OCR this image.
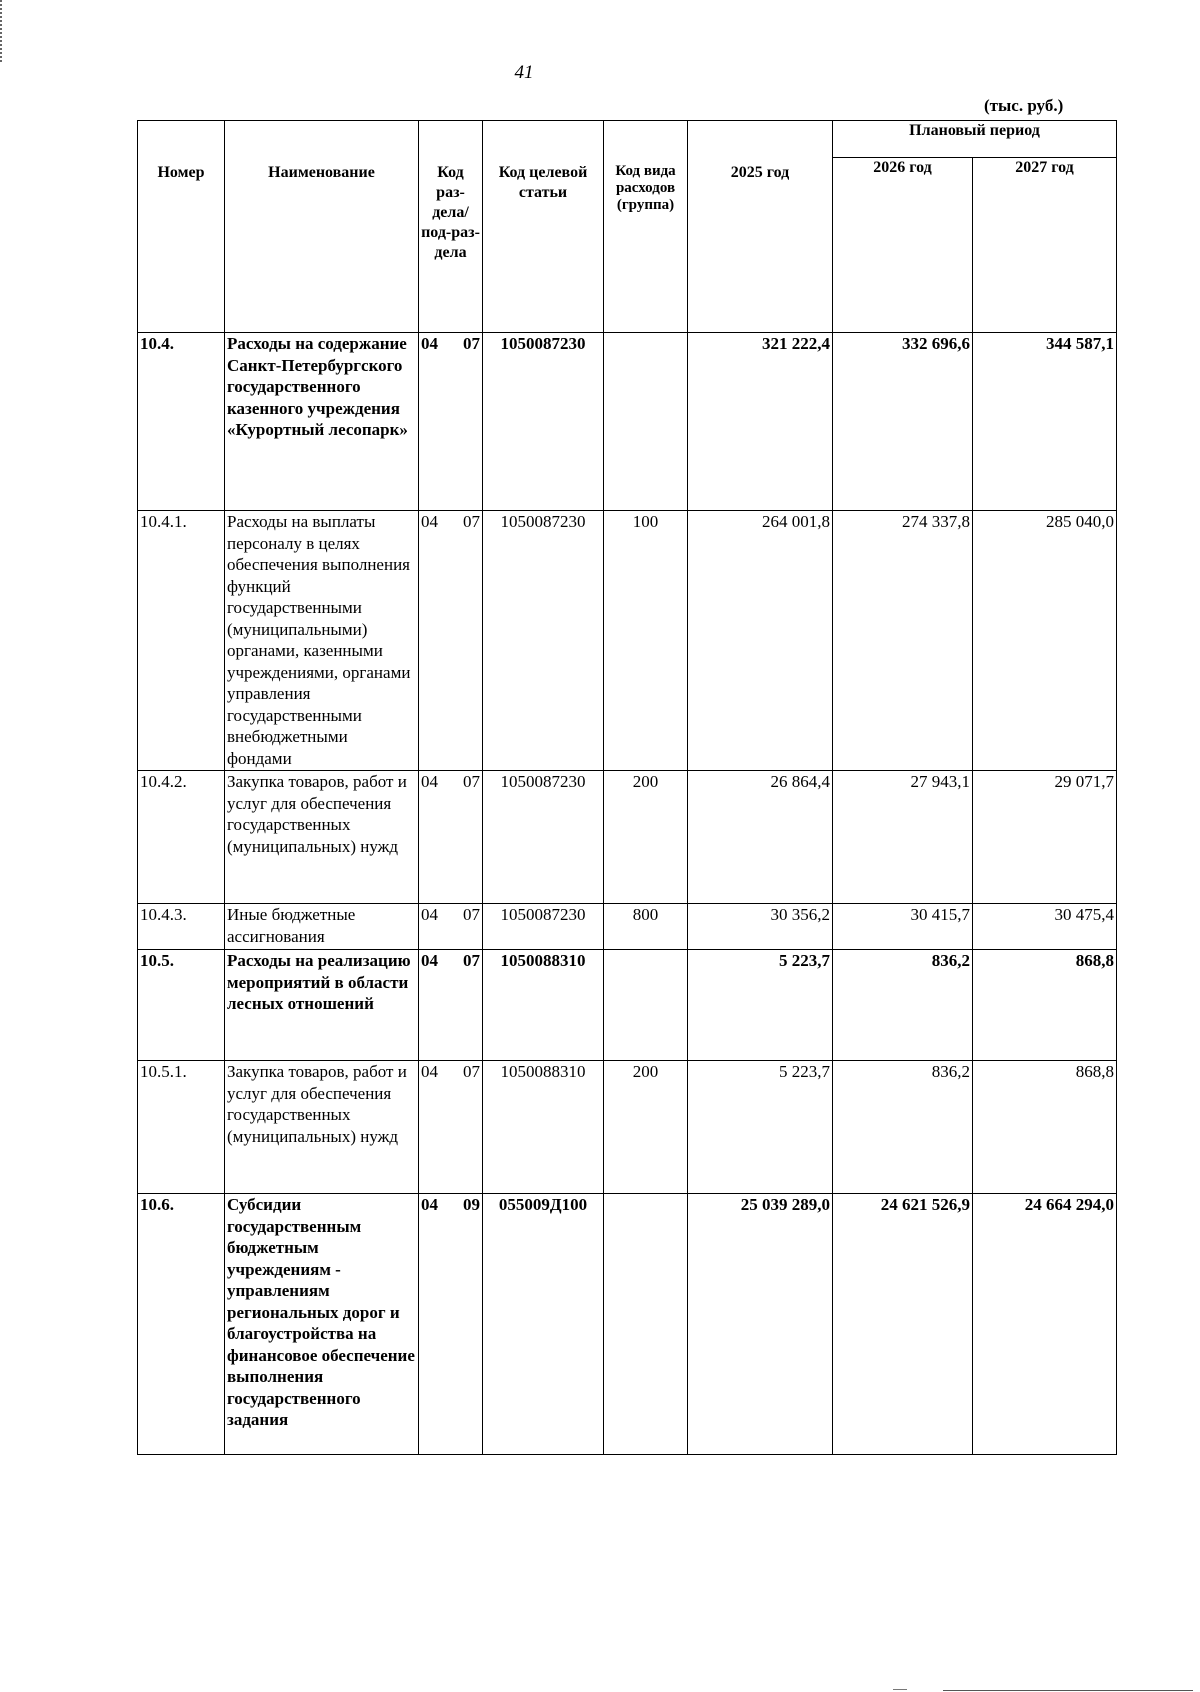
41
(тыс. руб.)
Номер	Наименование	Код раз-дела/ под-раз-дела	Код целевой статьи	Код вида расходов (группа)	2025 год	Плановый период	
						2026 год	2027 год
10.4.	Расходы на содержание Санкт-Петербургского государственного казенного учреждения «Курортный лесопарк»	04 07	1050087230		321 222,4	332 696,6	344 587,1
10.4.1.	Расходы на выплаты персоналу в целях обеспечения выполнения функций государственными (муниципальными) органами, казенными учреждениями, органами управления государственными внебюджетными фондами	04 07	1050087230	100	264 001,8	274 337,8	285 040,0
10.4.2.	Закупка товаров, работ и услуг для обеспечения государственных (муниципальных) нужд	04 07	1050087230	200	26 864,4	27 943,1	29 071,7
10.4.3.	Иные бюджетные ассигнования	04 07	1050087230	800	30 356,2	30 415,7	30 475,4
10.5.	Расходы на реализацию мероприятий в области лесных отношений	04 07	1050088310		5 223,7	836,2	868,8
10.5.1.	Закупка товаров, работ и услуг для обеспечения государственных (муниципальных) нужд	04 07	1050088310	200	5 223,7	836,2	868,8
10.6.	Субсидии государственным бюджетным учреждениям - управлениям региональных дорог и благоустройства на финансовое обеспечение выполнения государственного задания	04 09	055009Д100		25 039 289,0	24 621 526,9	24 664 294,0
